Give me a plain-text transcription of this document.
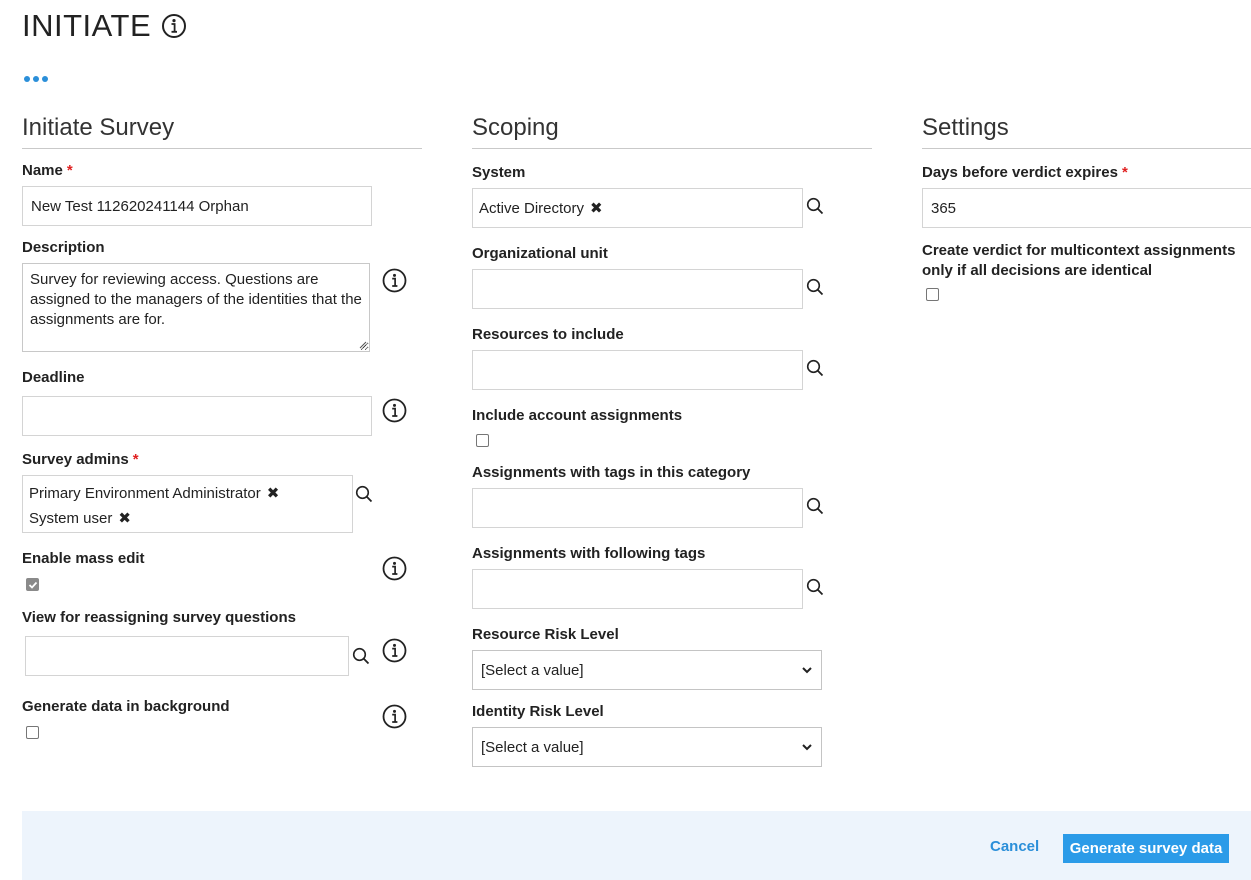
INITIATE
Initiate Survey
Name *
New Test 112620241144 Orphan
Description
Survey for reviewing access. Questions are assigned to the managers of the identities that the assignments are for.
Deadline
Survey admins *
Primary Environment Administrator ✖

System user ✖
Enable mass edit
View for reassigning survey questions
Generate data in background
Scoping
System
Active Directory ✖
Organizational unit
Resources to include
Include account assignments
Assignments with tags in this category
Assignments with following tags
Resource Risk Level
[Select a value]
Identity Risk Level
[Select a value]
Settings
Days before verdict expires *
365
Create verdict for multicontext assignments only if all decisions are identical
Cancel	Generate survey data
